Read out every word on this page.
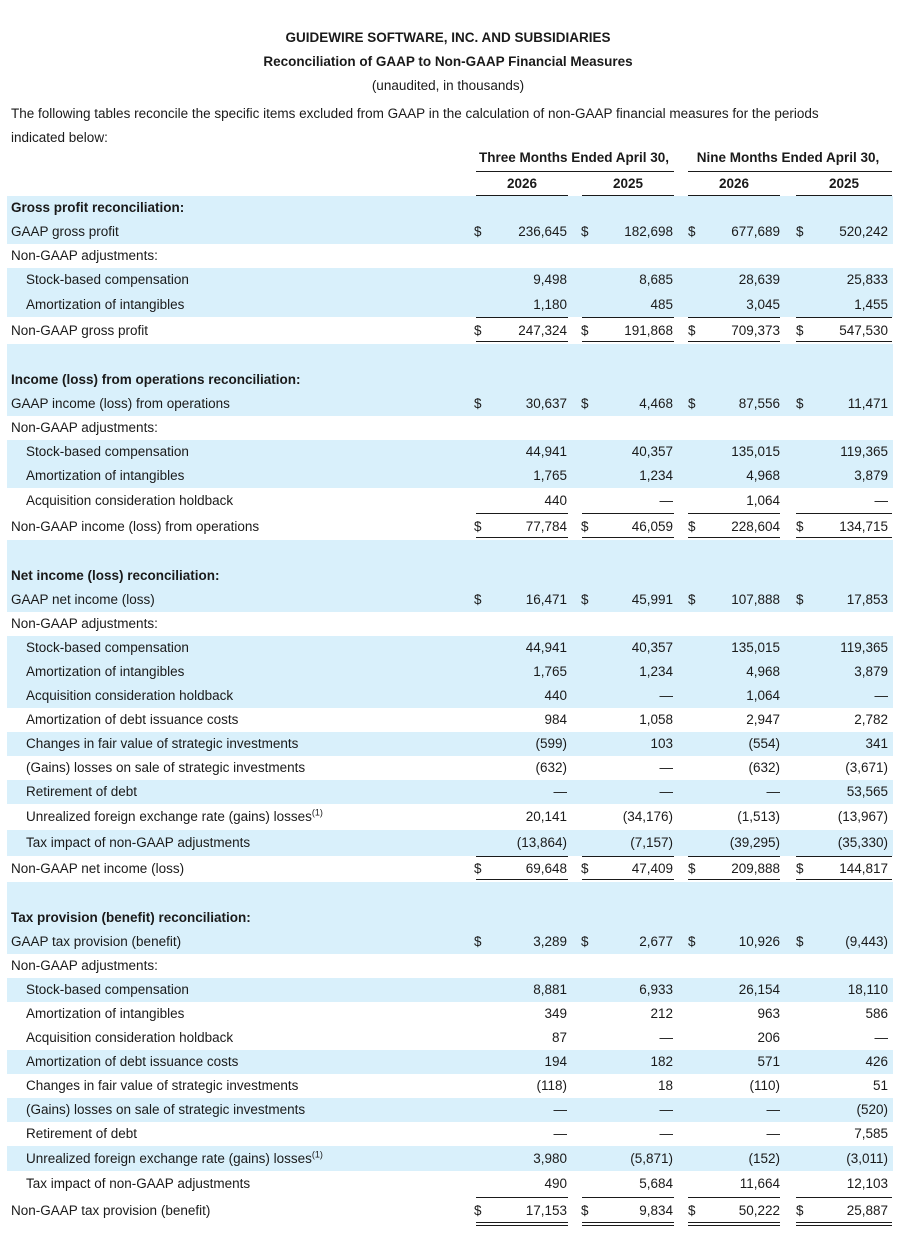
GUIDEWIRE SOFTWARE, INC. AND SUBSIDIARIES
Reconciliation of GAAP to Non-GAAP Financial Measures
(unaudited, in thousands)
The following tables reconcile the specific items excluded from GAAP in the calculation of non-GAAP financial measures for the periods indicated below:
Three Months Ended April 30,	Nine Months Ended April 30,
2026	2025	2026	2025
Gross profit reconciliation:
GAAP gross profit	$	236,645 $	182,698 $	677,689 $	520,242
Non-GAAP adjustments:
Stock-based compensation	9,498	8,685	28,639	25,833
Amortization of intangibles	1,180	485	3,045	1,455
Non-GAAP gross profit	$	247,324 $	191,868 $	709,373 $	547,530
Income (loss) from operations reconciliation:
GAAP income (loss) from operations	$	30,637 $	4,468 $	87,556 $	11,471
Non-GAAP adjustments:
Stock-based compensation	44,941	40,357	135,015	119,365
Amortization of intangibles	1,765	1,234	4,968	3,879
Acquisition consideration holdback	440	—	1,064	—
Non-GAAP income (loss) from operations	$	77,784 $	46,059 $	228,604 $	134,715
Net income (loss) reconciliation:
GAAP net income (loss)	$	16,471 $	45,991 $	107,888 $	17,853
Non-GAAP adjustments:
Stock-based compensation	44,941	40,357	135,015	119,365
Amortization of intangibles	1,765	1,234	4,968	3,879
Acquisition consideration holdback	440	—	1,064	—
Amortization of debt issuance costs	984	1,058	2,947	2,782
Changes in fair value of strategic investments	(599)	103	(554)	341
(Gains) losses on sale of strategic investments	(632)	—	(632)	(3,671)
Retirement of debt	—	—	—	53,565
Unrealized foreign exchange rate (gains) losses$^{(1)}$	20,141	(34,176)	(1,513)	(13,967)
Tax impact of non-GAAP adjustments	(13,864)	(7,157)	(39,295)	(35,330)
Non-GAAP net income (loss)	$	69,648 $	47,409 $	209,888 $	144,817
Tax provision (benefit) reconciliation:
GAAP tax provision (benefit)	$	3,289 $	2,677 $	10,926 $	(9,443)
Non-GAAP adjustments:
Stock-based compensation	8,881	6,933	26,154	18,110
Amortization of intangibles	349	212	963	586
Acquisition consideration holdback	87	—	206	—
Amortization of debt issuance costs	194	182	571	426
Changes in fair value of strategic investments	(118)	18	(110)	51
(Gains) losses on sale of strategic investments	—	—	—	(520)
Retirement of debt	—	—	—	7,585
Unrealized foreign exchange rate (gains) losses$^{(1)}$	3,980	(5,871)	(152)	(3,011)
Tax impact of non-GAAP adjustments	490	5,684	11,664	12,103
Non-GAAP tax provision (benefit)	$	17,153 $	9,834 $	50,222 $	25,887
